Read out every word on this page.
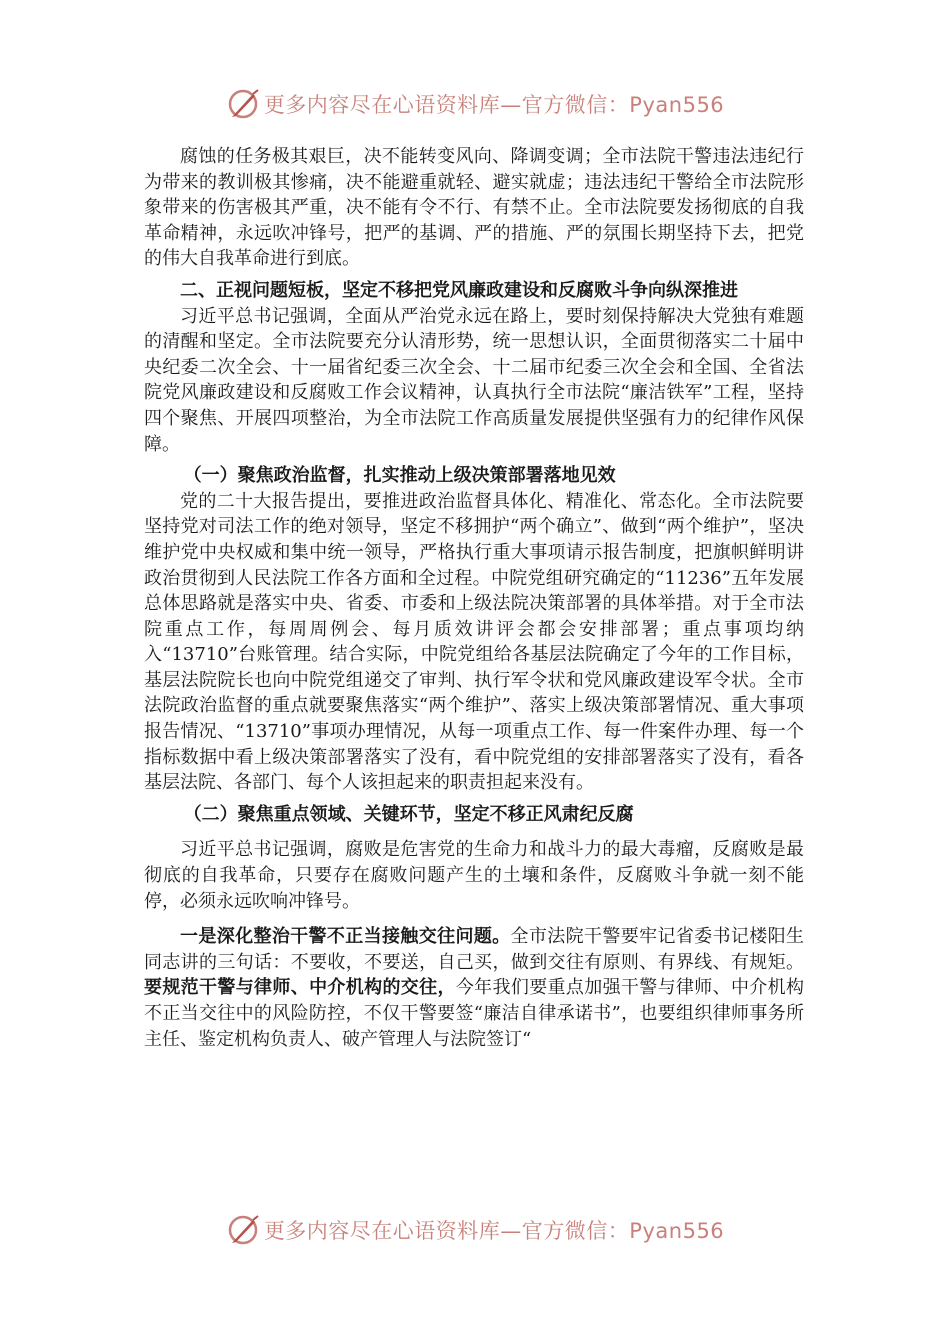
更多内容尽在心语资料库—官方微信：Pyan556

腐蚀的任务极其艰巨，决不能转变风向、降调变调；全市法院干警违法违纪行为带来的教训极其惨痛，决不能避重就轻、避实就虚；违法违纪干警给全市法院形象带来的伤害极其严重，决不能有令不行、有禁不止。全市法院要发扬彻底的自我革命精神，永远吹冲锋号，把严的基调、严的措施、严的氛围长期坚持下去，把党的伟大自我革命进行到底。

二、正视问题短板，坚定不移把党风廉政建设和反腐败斗争向纵深推进

习近平总书记强调，全面从严治党永远在路上，要时刻保持解决大党独有难题的清醒和坚定。全市法院要充分认清形势，统一思想认识，全面贯彻落实二十届中央纪委二次全会、十一届省纪委三次全会、十二届市纪委三次全会和全国、全省法院党风廉政建设和反腐败工作会议精神，认真执行全市法院“廉洁铁军”工程，坚持四个聚焦、开展四项整治，为全市法院工作高质量发展提供坚强有力的纪律作风保障。

（一）聚焦政治监督，扎实推动上级决策部署落地见效

党的二十大报告提出，要推进政治监督具体化、精准化、常态化。全市法院要坚持党对司法工作的绝对领导，坚定不移拥护“两个确立”、做到“两个维护”，坚决维护党中央权威和集中统一领导，严格执行重大事项请示报告制度，把旗帜鲜明讲政治贯彻到人民法院工作各方面和全过程。中院党组研究确定的“11236”五年发展总体思路就是落实中央、省委、市委和上级法院决策部署的具体举措。对于全市法院重点工作，每周周例会、每月质效讲评会都会安排部署；重点事项均纳入“13710”台账管理。结合实际，中院党组给各基层法院确定了今年的工作目标，基层法院院长也向中院党组递交了审判、执行军令状和党风廉政建设军令状。全市法院政治监督的重点就要聚焦落实“两个维护”、落实上级决策部署情况、重大事项报告情况、“13710”事项办理情况，从每一项重点工作、每一件案件办理、每一个指标数据中看上级决策部署落实了没有，看中院党组的安排部署落实了没有，看各基层法院、各部门、每个人该担起来的职责担起来没有。

（二）聚焦重点领域、关键环节，坚定不移正风肃纪反腐

习近平总书记强调，腐败是危害党的生命力和战斗力的最大毒瘤，反腐败是最彻底的自我革命，只要存在腐败问题产生的土壤和条件，反腐败斗争就一刻不能停，必须永远吹响冲锋号。

一是深化整治干警不正当接触交往问题。全市法院干警要牢记省委书记楼阳生同志讲的三句话：不要收，不要送，自己买，做到交往有原则、有界线、有规矩。要规范干警与律师、中介机构的交往，今年我们要重点加强干警与律师、中介机构不正当交往中的风险防控，不仅干警要签“廉洁自律承诺书”，也要组织律师事务所主任、鉴定机构负责人、破产管理人与法院签订“

更多内容尽在心语资料库—官方微信：Pyan556
